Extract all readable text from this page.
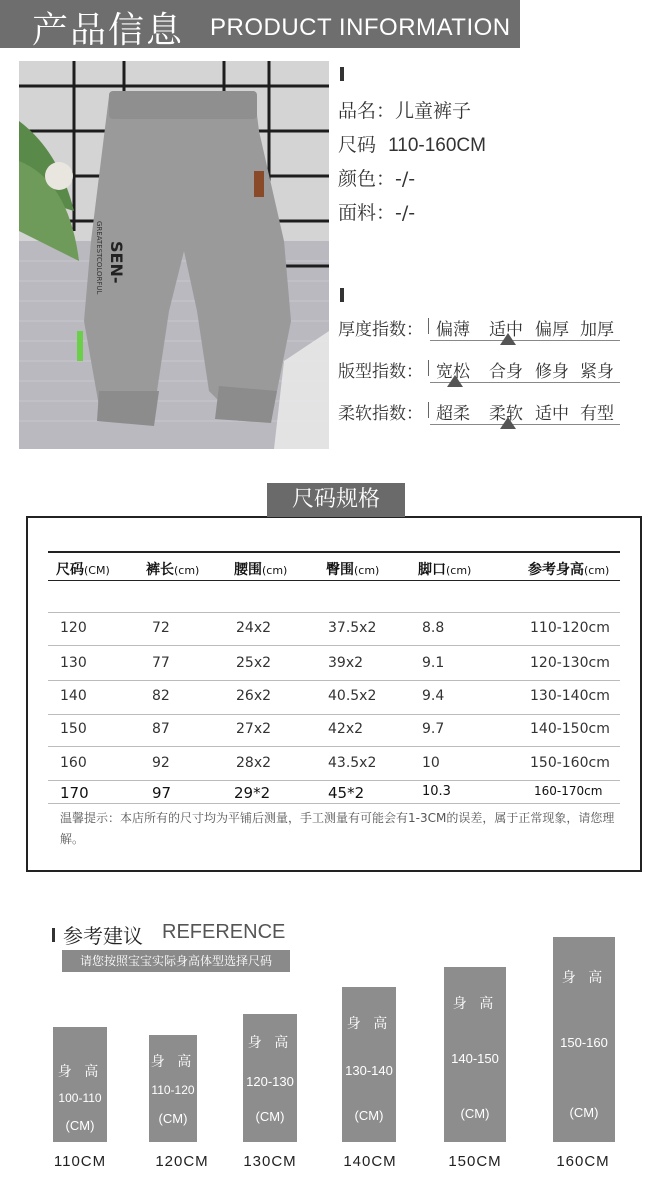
产品信息 PRODUCT INFORMATION
SEN-
GREATESTCOLORFUL
品名：儿童裤子
尺码 110-160CM
颜色：-/-
面料：-/-
厚度指数： 偏薄 适中 偏厚 加厚
版型指数： 宽松 合身 修身 紧身
柔软指数： 超柔 柔软 适中 有型
尺码规格
尺码(CM)	裤长(cm) 腰围(cm)	臀围(cm)	脚口(cm)	参考身高(cm)
120	72	24x2	37.5x2	8.8	110-120cm
130	77	25x2	39x2	9.1	120-130cm
140	82	26x2	40.5x2	9.4	130-140cm
150	87	27x2	42x2	9.7	140-150cm
160	92	28x2	43.5x2	10	150-160cm
170	97	29*2	45*2	10.3	160-170cm
温馨提示：本店所有的尺寸均为平铺后测量，手工测量有可能会有1-3CM的误差，属于正常现象，请您理解。
参考建议 REFERENCE
请您按照宝宝实际身高体型选择尺码
身 高
100-110
(CM)
身 高
110-120
(CM)
身 高
120-130
(CM)
身 高
130-140
(CM)
身 高
140-150
(CM)
身 高
150-160
(CM)
110CM	120CM	130CM	140CM	150CM	160CM
